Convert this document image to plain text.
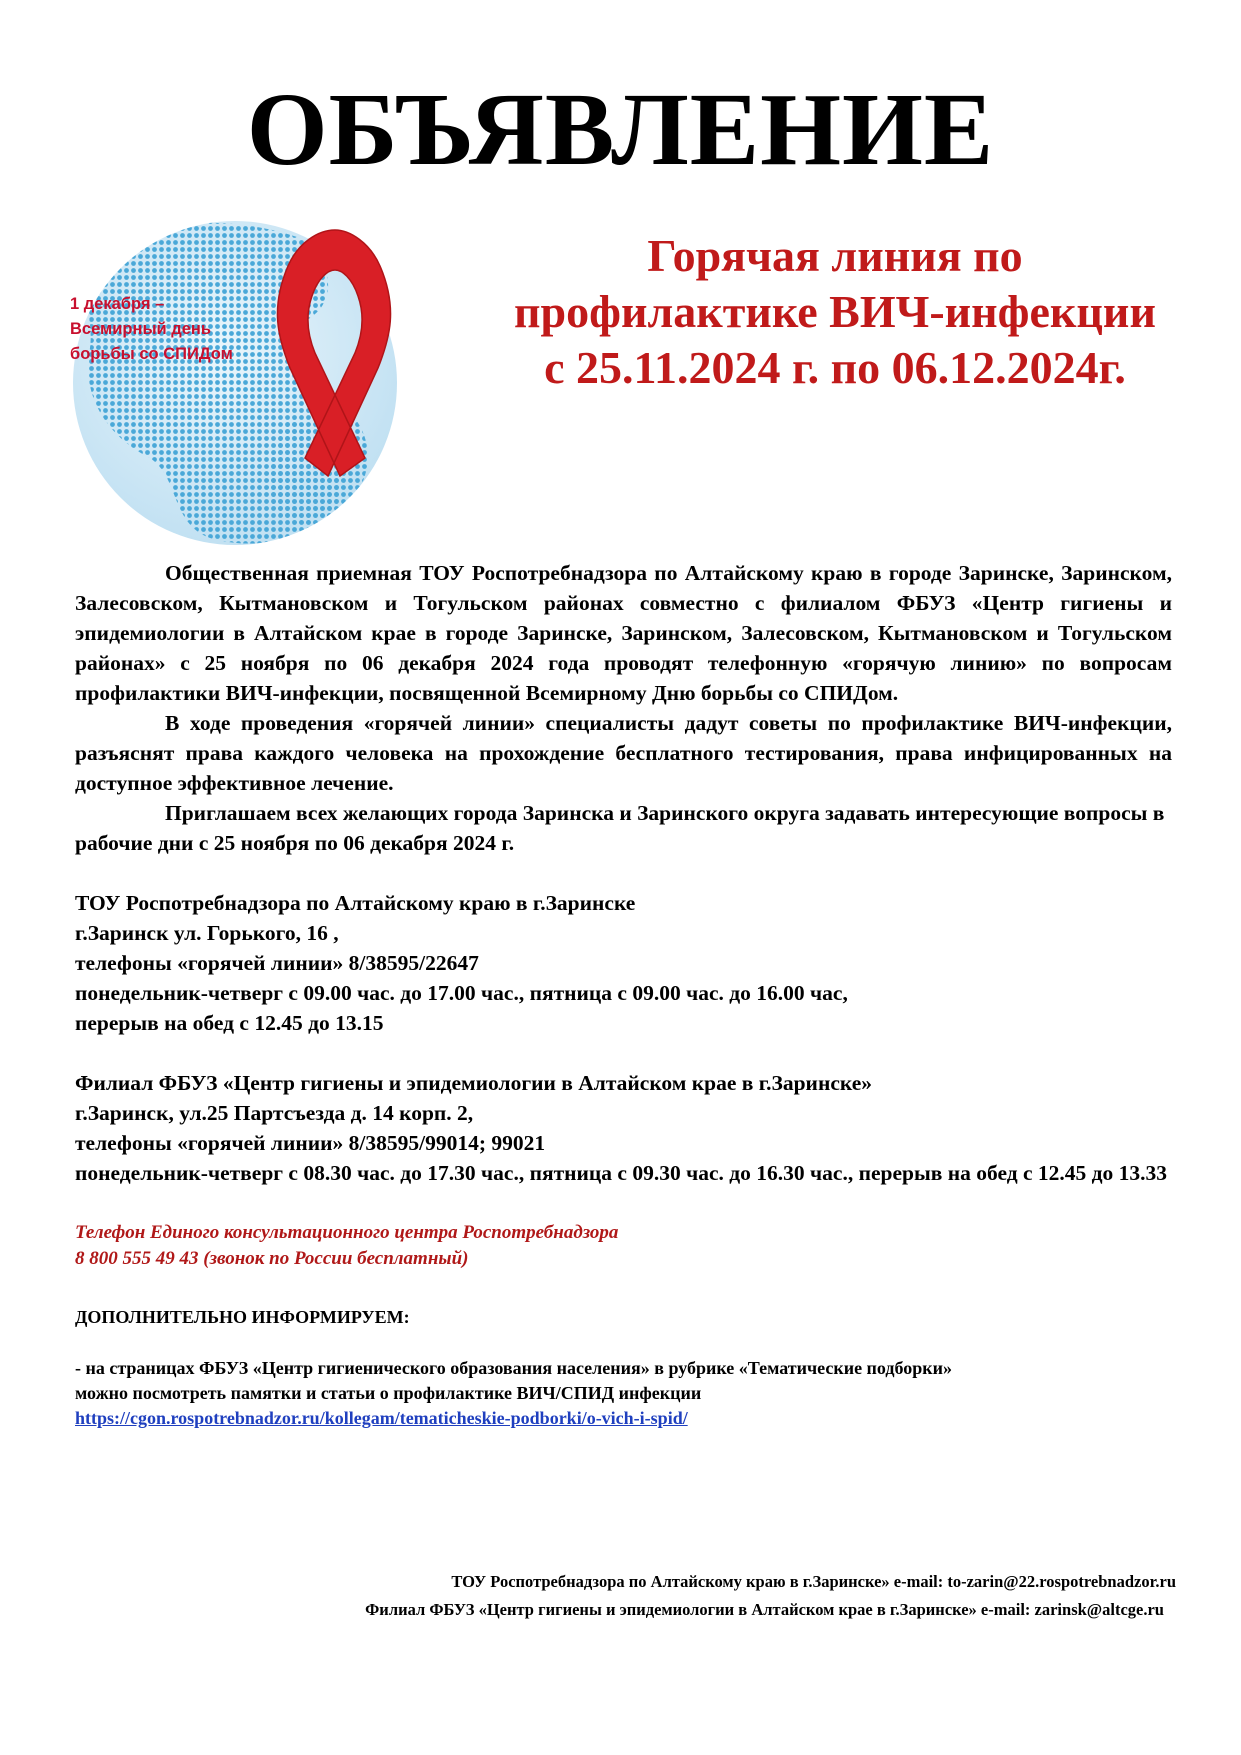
ОБЪЯВЛЕНИЕ
1 декабря –
Всемирный день
борьбы со СПИДом
Горячая линия по
профилактике ВИЧ-инфекции
с 25.11.2024 г. по 06.12.2024г.

Общественная приемная ТОУ Роспотребнадзора по Алтайскому краю в городе Заринске, Заринском, Залесовском, Кытмановском и Тогульском районах совместно с филиалом ФБУЗ «Центр гигиены и эпидемиологии в Алтайском крае в городе Заринске, Заринском, Залесовском, Кытмановском и Тогульском районах» с 25 ноября по 06 декабря 2024 года проводят телефонную «горячую линию» по вопросам профилактики ВИЧ-инфекции, посвященной Всемирному Дню борьбы со СПИДом.

В ходе проведения «горячей линии» специалисты дадут советы по профилактике ВИЧ-инфекции, разъяснят права каждого человека на прохождение бесплатного тестирования, права инфицированных на доступное эффективное лечение.

Приглашаем всех желающих города Заринска и Заринского округа задавать интересующие вопросы в рабочие дни с 25 ноября по 06 декабря 2024 г.

ТОУ Роспотребнадзора по Алтайскому краю в г.Заринске
г.Заринск ул. Горького, 16 ,
телефоны «горячей линии» 8/38595/22647
понедельник-четверг с 09.00 час. до 17.00 час., пятница с 09.00 час. до 16.00 час,
перерыв на обед с 12.45 до 13.15
Филиал ФБУЗ «Центр гигиены и эпидемиологии в Алтайском крае в г.Заринске»
г.Заринск, ул.25 Партсъезда д. 14 корп. 2,
телефоны «горячей линии» 8/38595/99014; 99021
понедельник-четверг с 08.30 час. до 17.30 час., пятница с 09.30 час. до 16.30 час., перерыв на обед с 12.45 до 13.33
Телефон Единого консультационного центра Роспотребнадзора
8 800 555 49 43 (звонок по России бесплатный)
ДОПОЛНИТЕЛЬНО ИНФОРМИРУЕМ:
- на страницах ФБУЗ «Центр гигиенического образования населения» в рубрике «Тематические подборки»
можно посмотреть памятки и статьи о профилактике ВИЧ/СПИД инфекции
https://cgon.rospotrebnadzor.ru/kollegam/tematicheskie-podborki/o-vich-i-spid/
ТОУ Роспотребнадзора по Алтайскому краю в г.Заринске» e-mail: to-zarin@22.rospotrebnadzor.ru
Филиал ФБУЗ «Центр гигиены и эпидемиологии в Алтайском крае в г.Заринске» e-mail: zarinsk@altcge.ru
